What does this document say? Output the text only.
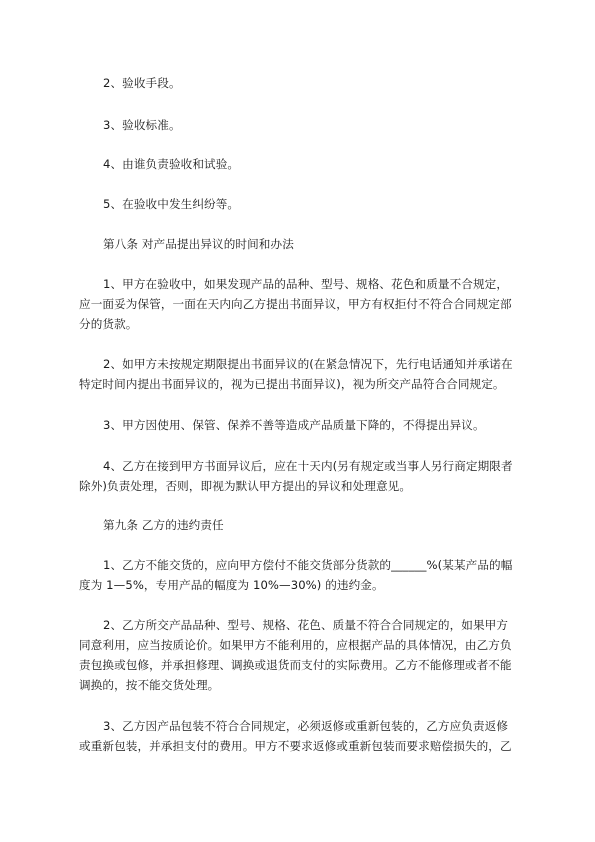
2、验收手段。

3、验收标准。

4、由谁负责验收和试验。

5、在验收中发生纠纷等。

第八条 对产品提出异议的时间和办法

1、甲方在验收中，如果发现产品的品种、型号、规格、花色和质量不合规定，
应一面妥为保管，一面在天内向乙方提出书面异议，甲方有权拒付不符合合同规定部
分的货款。

2、如甲方未按规定期限提出书面异议的(在紧急情况下，先行电话通知并承诺在
特定时间内提出书面异议的，视为已提出书面异议)，视为所交产品符合合同规定。

3、甲方因使用、保管、保养不善等造成产品质量下降的，不得提出异议。

4、乙方在接到甲方书面异议后，应在十天内(另有规定或当事人另行商定期限者
除外)负责处理，否则，即视为默认甲方提出的异议和处理意见。

第九条 乙方的违约责任

1、乙方不能交货的，应向甲方偿付不能交货部分货款的______%(某某产品的幅
度为 1—5%，专用产品的幅度为 10%—30%) 的违约金。

2、乙方所交产品品种、型号、规格、花色、质量不符合合同规定的，如果甲方
同意利用，应当按质论价。如果甲方不能利用的，应根据产品的具体情况，由乙方负
责包换或包修，并承担修理、调换或退货而支付的实际费用。乙方不能修理或者不能
调换的，按不能交货处理。

3、乙方因产品包装不符合合同规定，必须返修或重新包装的，乙方应负责返修
或重新包装，并承担支付的费用。甲方不要求返修或重新包装而要求赔偿损失的，乙
